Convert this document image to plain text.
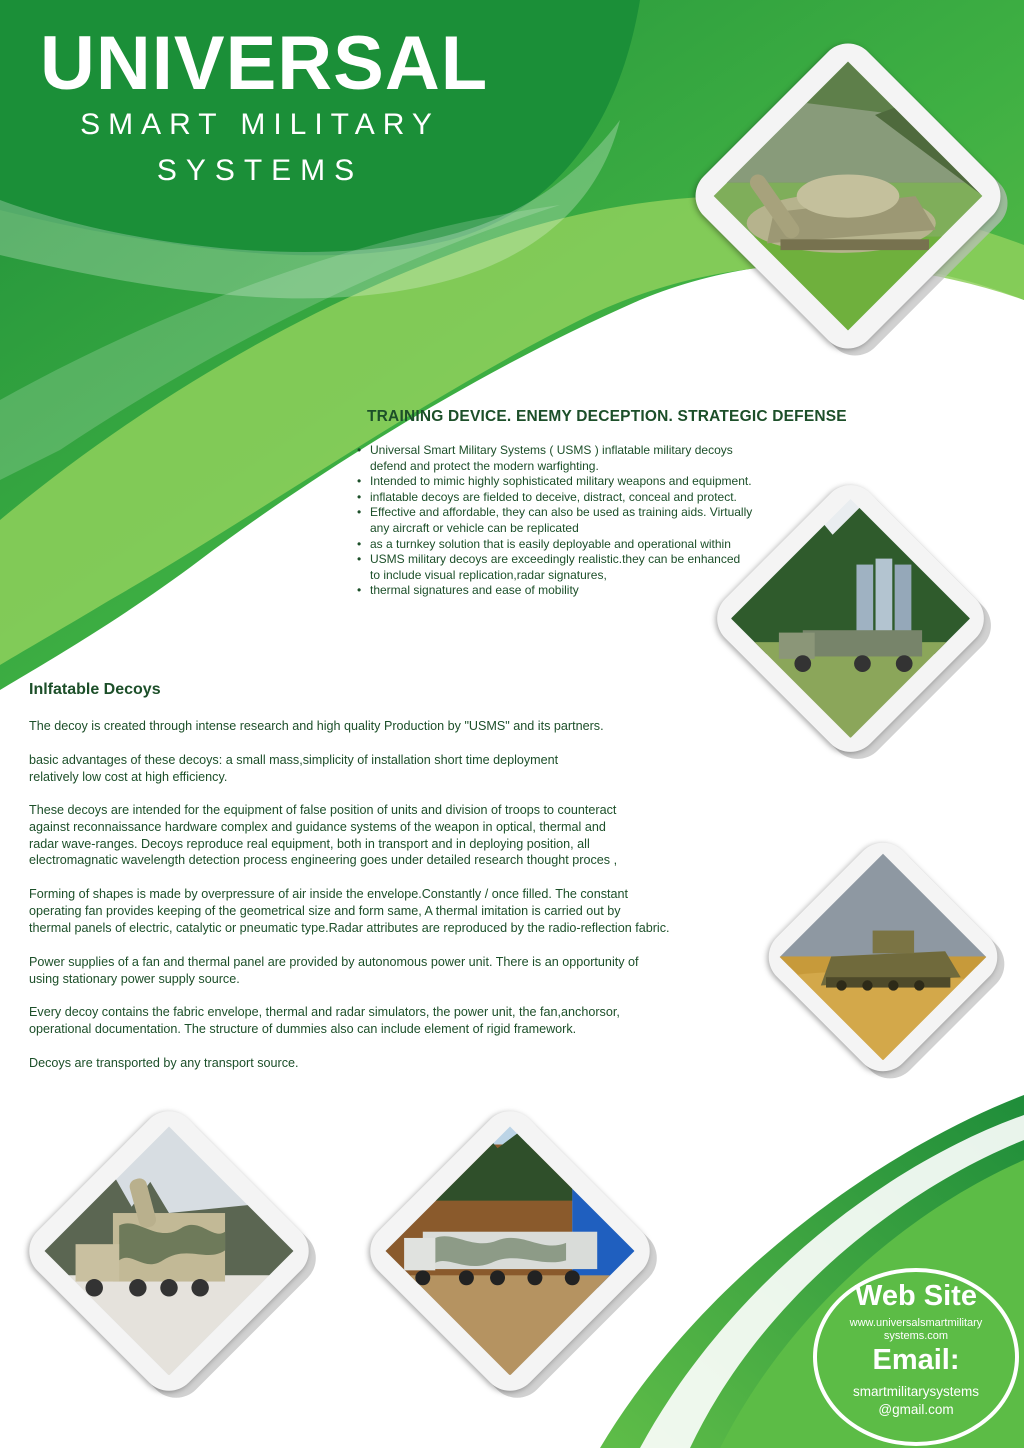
UNIVERSAL
SMART MILITARY
SYSTEMS
TRAINING DEVICE. ENEMY DECEPTION. STRATEGIC DEFENSE
• Universal Smart Military Systems ( USMS ) inflatable military decoys
defend and protect the modern warfighting.
• Intended to mimic highly sophisticated military weapons and equipment.
• inflatable decoys are fielded to deceive, distract, conceal and protect.
• Effective and affordable, they can also be used as training aids. Virtually
any aircraft or vehicle can be replicated
• as a turnkey solution that is easily deployable and operational within
• USMS military decoys are exceedingly realistic.they can be enhanced
to include visual replication,radar signatures,
• thermal signatures and ease of mobility
Inlfatable Decoys
The decoy is created through intense research and high quality Production by "USMS" and its partners.
basic advantages of these decoys: a small mass,simplicity of installation short time deployment
relatively low cost at high efficiency.
These decoys are intended for the equipment of false position of units and division of troops to counteract
against reconnaissance hardware complex and guidance systems of the weapon in optical, thermal and
radar wave-ranges. Decoys reproduce real equipment, both in transport and in deploying position, all
electromagnatic wavelength detection process engineering goes under detailed research thought proces ,
Forming of shapes is made by overpressure of air inside the envelope.Constantly / once filled. The constant
operating fan provides keeping of the geometrical size and form same, A thermal imitation is carried out by
thermal panels of electric, catalytic or pneumatic type.Radar attributes are reproduced by the radio-reflection fabric.
Power supplies of a fan and thermal panel are provided by autonomous power unit. There is an opportunity of
using stationary power supply source.
Every decoy contains the fabric envelope, thermal and radar simulators, the power unit, the fan,anchorsor,
operational documentation. The structure of dummies also can include element of rigid framework.
Decoys are transported by any transport source.
Web Site
www.universalsmartmilitary
systems.com
Email:
smartmilitarysystems
@gmail.com
